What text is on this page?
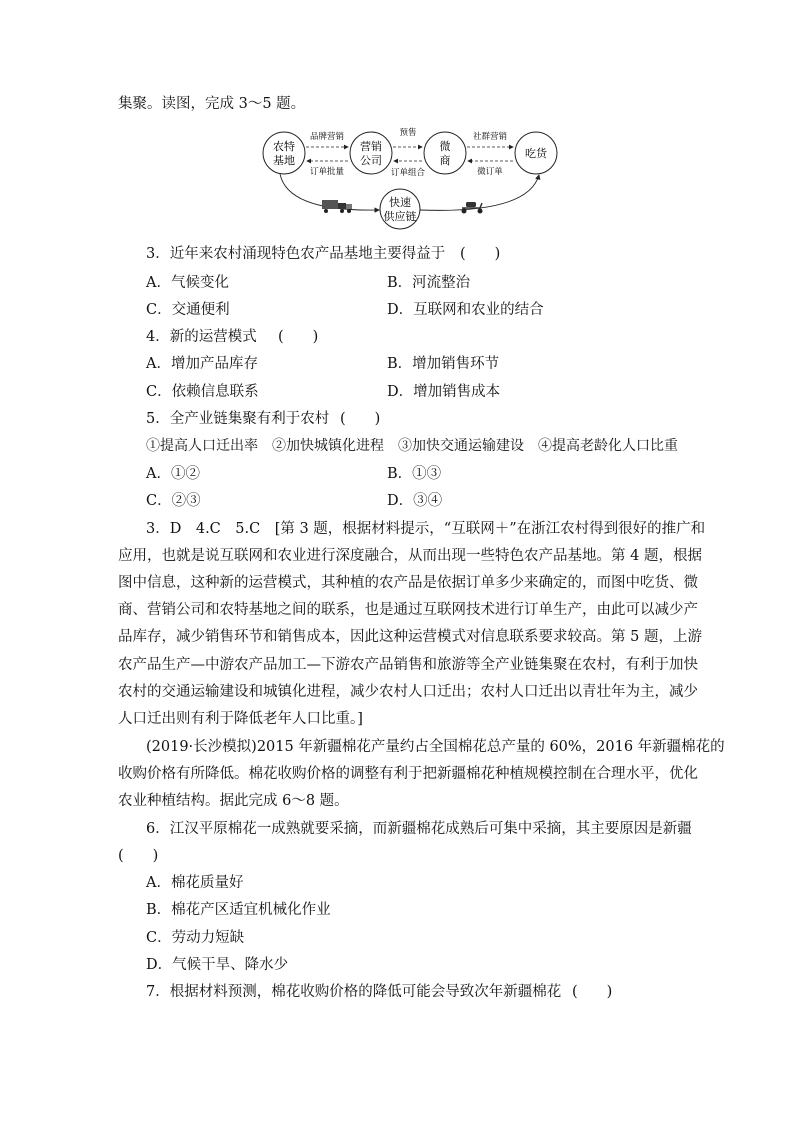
集聚。读图，完成 3～5 题。
农特
基地
营销
公司
微
商
吃货
快速
供应链
品牌营销	预售	社群营销
订单批量	订单组合	微订单
3．近年来农村涌现特色农产品基地主要得益于 (　　)
A．气候变化	B．河流整治
C．交通便利	D．互联网和农业的结合
4．新的运营模式 (　　)
A．增加产品库存	B．增加销售环节
C．依赖信息联系	D．增加销售成本
5．全产业链集聚有利于农村 (　　)
①提高人口迁出率　②加快城镇化进程　③加快交通运输建设　④提高老龄化人口比重
A．①②	B．①③
C．②③	D．③④
3．D　4.C　5.C　[第 3 题，根据材料提示，“互联网＋”在浙江农村得到很好的推广和
应用，也就是说互联网和农业进行深度融合，从而出现一些特色农产品基地。第 4 题，根据
图中信息，这种新的运营模式，其种植的农产品是依据订单多少来确定的，而图中吃货、微
商、营销公司和农特基地之间的联系，也是通过互联网技术进行订单生产，由此可以减少产
品库存，减少销售环节和销售成本，因此这种运营模式对信息联系要求较高。第 5 题，上游
农产品生产—中游农产品加工—下游农产品销售和旅游等全产业链集聚在农村，有利于加快
农村的交通运输建设和城镇化进程，减少农村人口迁出；农村人口迁出以青壮年为主，减少
人口迁出则有利于降低老年人口比重。]
(2019·长沙模拟)2015 年新疆棉花产量约占全国棉花总产量的 60%，2016 年新疆棉花的
收购价格有所降低。棉花收购价格的调整有利于把新疆棉花种植规模控制在合理水平，优化
农业种植结构。据此完成 6～8 题。
6．江汉平原棉花一成熟就要采摘，而新疆棉花成熟后可集中采摘，其主要原因是新疆
(　　)
A．棉花质量好
B．棉花产区适宜机械化作业
C．劳动力短缺
D．气候干旱、降水少
7．根据材料预测，棉花收购价格的降低可能会导致次年新疆棉花 (　　)
